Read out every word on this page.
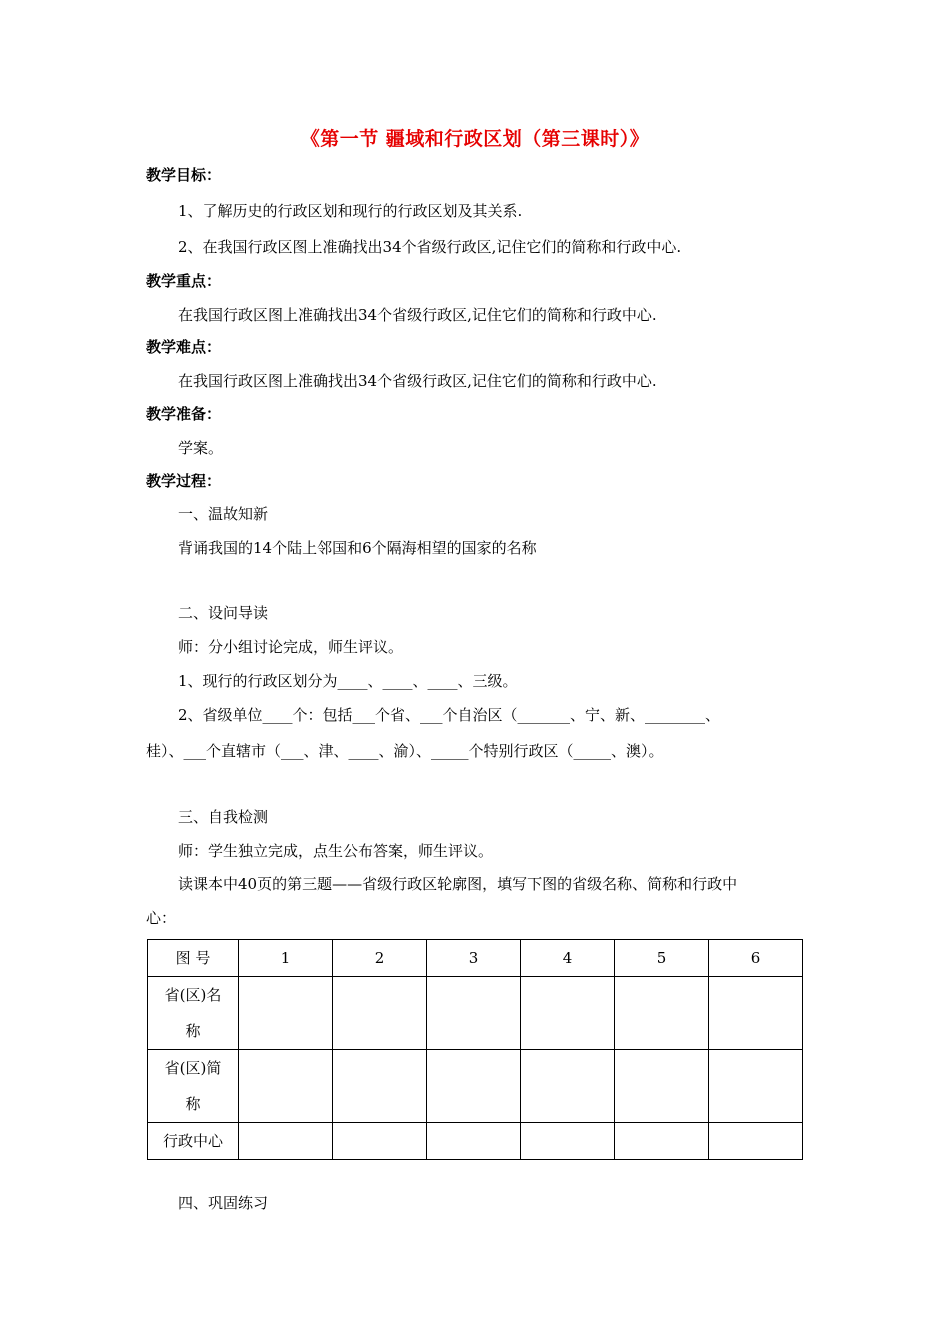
《第一节 疆域和行政区划（第三课时）》
教学目标：
1、了解历史的行政区划和现行的行政区划及其关系.
2、在我国行政区图上准确找出34个省级行政区,记住它们的简称和行政中心.
教学重点：
在我国行政区图上准确找出34个省级行政区,记住它们的简称和行政中心.
教学难点：
在我国行政区图上准确找出34个省级行政区,记住它们的简称和行政中心.
教学准备：
学案。
教学过程：
一、温故知新
背诵我国的14个陆上邻国和6个隔海相望的国家的名称
二、设问导读
师：分小组讨论完成，师生评议。
1、现行的行政区划分为____、____、____、三级。
2、省级单位____个：包括___个省、___个自治区（_______、宁、新、________、
桂）、___个直辖市（___、津、____、渝）、_____个特别行政区（_____、澳）。
三、自我检测
师：学生独立完成，点生公布答案，师生评议。
读课本中40页的第三题——省级行政区轮廓图，填写下图的省级名称、简称和行政中
心：
图 号	1	2	3	4	5	6

省(区)名
称						

省(区)简
称						

行政中心						
四、巩固练习
